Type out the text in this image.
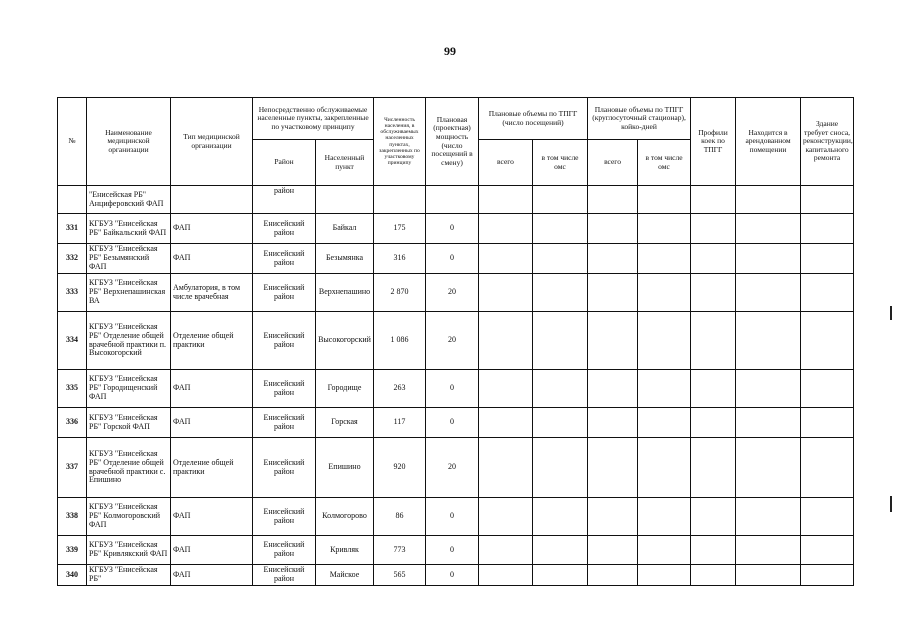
99
№	Наименование медицинской организации	Тип медицинской организации	Непосредственно обслуживаемые населенные пункты, закрепленные по участковому принципу		Численность населения, в обслуживаемых населенных пунктах, закрепленных по участковому принципу	Плановая (проектная) мощность (число посещений в смену)	Плановые объемы по ТПГГ (число посещений)		Плановые объемы по ТПГГ (круглосуточный стационар), койко-дней		Профили коек по ТПГГ	Находится в арендованном помещении	Здание требует сноса, реконструкции, капитального ремонта
			Район	Населенный пункт			всего	в том числе омс	всего	в том числе омс			
	"Енисейская РБ" Анциферовский ФАП		район										
331	КГБУЗ "Енисейская РБ" Байкальский ФАП	ФАП	Енисейский район	Байкал	175	0							
332	КГБУЗ "Енисейская РБ" Безымянский ФАП	ФАП	Енисейский район	Безымянка	316	0							
333	КГБУЗ "Енисейская РБ" Верхнепашинская ВА	Амбулатория, в том числе врачебная	Енисейский район	Верхнепашино	2 870	20							
334	КГБУЗ "Енисейская РБ" Отделение общей врачебной практики п. Высокогорский	Отделение общей практики	Енисейский район	Высокогорский	1 086	20							
335	КГБУЗ "Енисейская РБ" Городищенский ФАП	ФАП	Енисейский район	Городище	263	0							
336	КГБУЗ "Енисейская РБ" Горской ФАП	ФАП	Енисейский район	Горская	117	0							
337	КГБУЗ "Енисейская РБ" Отделение общей врачебной практики с. Епишино	Отделение общей практики	Енисейский район	Епишино	920	20							
338	КГБУЗ "Енисейская РБ" Колмогоровский ФАП	ФАП	Енисейский район	Колмогорово	86	0							
339	КГБУЗ "Енисейская РБ" Кривлякский ФАП	ФАП	Енисейский район	Кривляк	773	0							
340	КГБУЗ "Енисейская РБ"	ФАП	Енисейский район	Майское	565	0							
